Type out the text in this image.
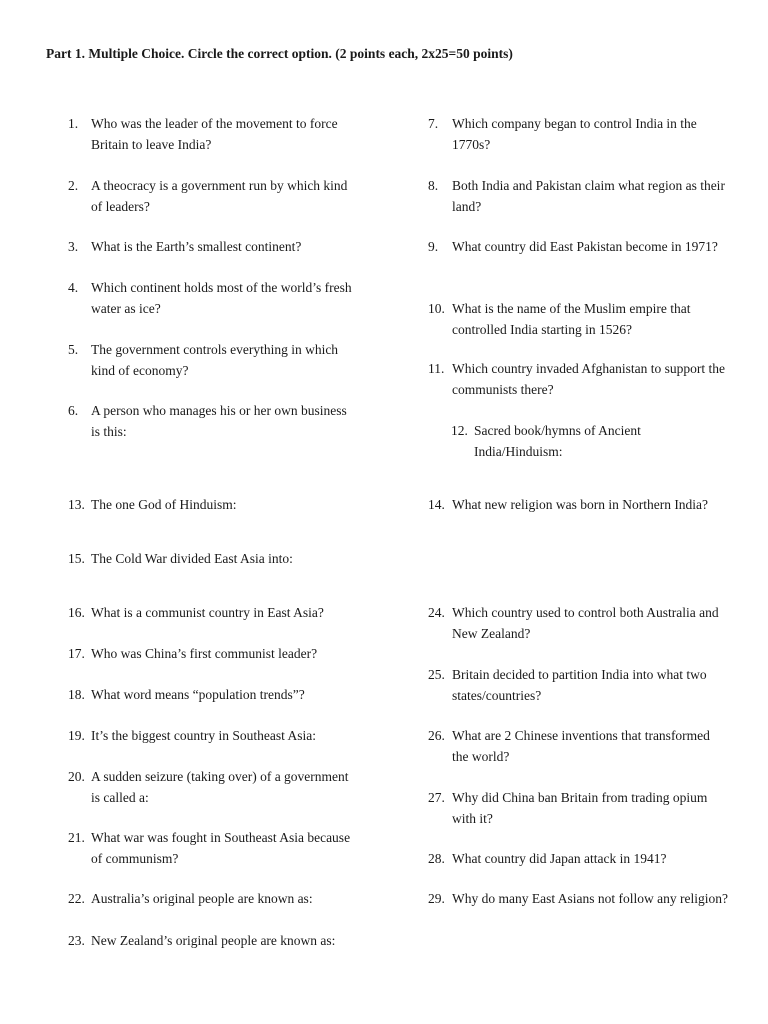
Part 1. Multiple Choice. Circle the correct option. (2 points each, 2x25=50 points)
1. Who was the leader of the movement to force Britain to leave India?
2. A theocracy is a government run by which kind of leaders?
3. What is the Earth’s smallest continent?
4. Which continent holds most of the world’s fresh water as ice?
5. The government controls everything in which kind of economy?
6. A person who manages his or her own business is this:
7. Which company began to control India in the 1770s?
8. Both India and Pakistan claim what region as their land?
9. What country did East Pakistan become in 1971?
10. What is the name of the Muslim empire that controlled India starting in 1526?
11. Which country invaded Afghanistan to support the communists there?
12. Sacred book/hymns of Ancient India/Hinduism:
13. The one God of Hinduism:	14. What new religion was born in Northern India?
15. The Cold War divided East Asia into:
16. What is a communist country in East Asia?
17. Who was China’s first communist leader?
18. What word means “population trends”?
19. It’s the biggest country in Southeast Asia:
20. A sudden seizure (taking over) of a government is called a:
21. What war was fought in Southeast Asia because of communism?
22. Australia’s original people are known as:
23. New Zealand’s original people are known as:
24. Which country used to control both Australia and New Zealand?
25. Britain decided to partition India into what two states/countries?
26. What are 2 Chinese inventions that transformed the world?
27. Why did China ban Britain from trading opium with it?
28. What country did Japan attack in 1941?
29. Why do many East Asians not follow any religion?
